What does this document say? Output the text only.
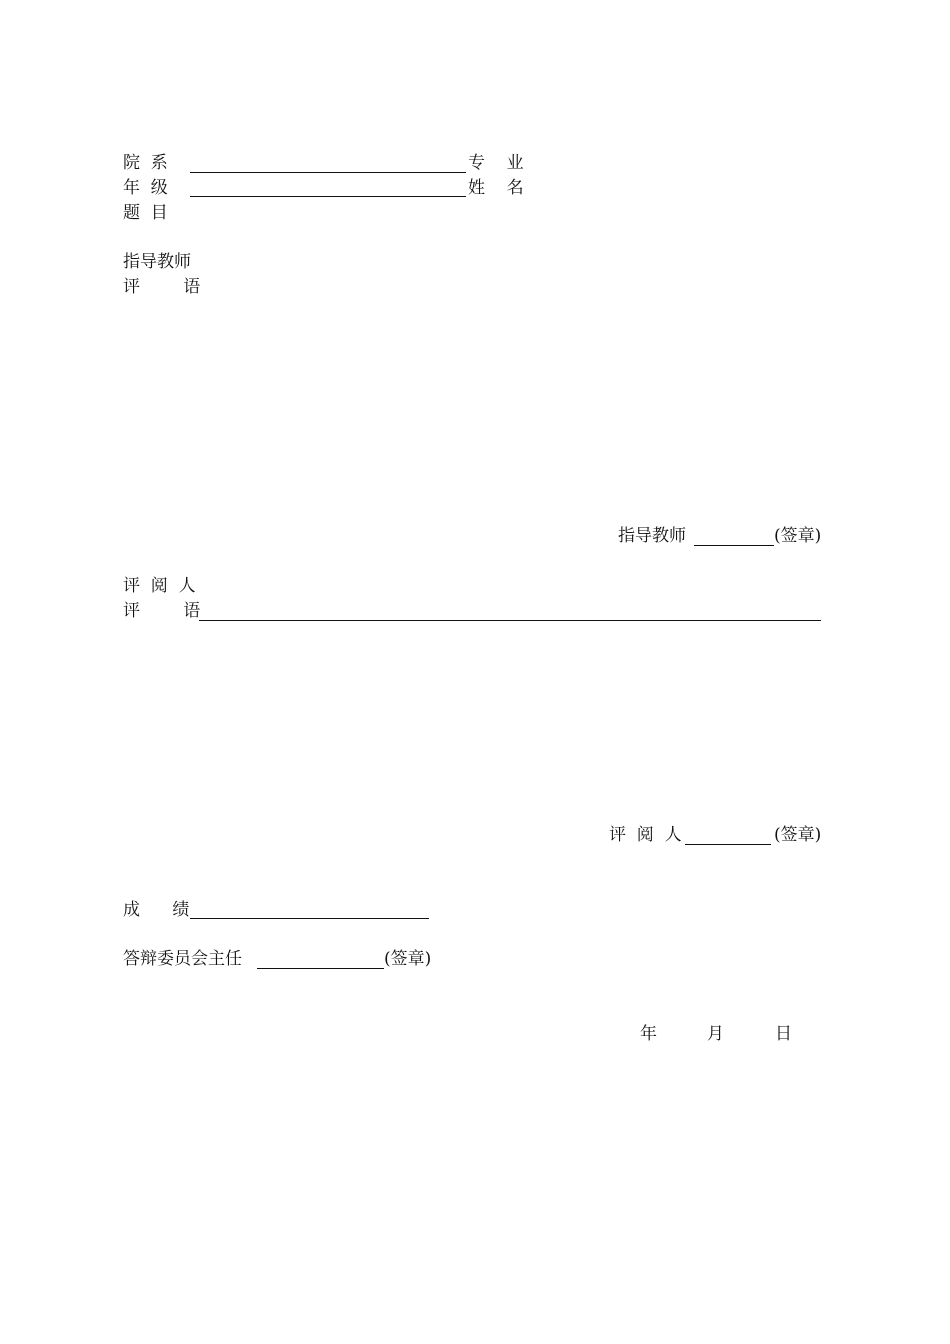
院  系	专    业
年  级	姓    名
题  目
指导教师
评        语
指导教师	(签章)
评  阅  人
评        语
评  阅  人	(签章)
成      绩
答辩委员会主任	(签章)
年	月	日
